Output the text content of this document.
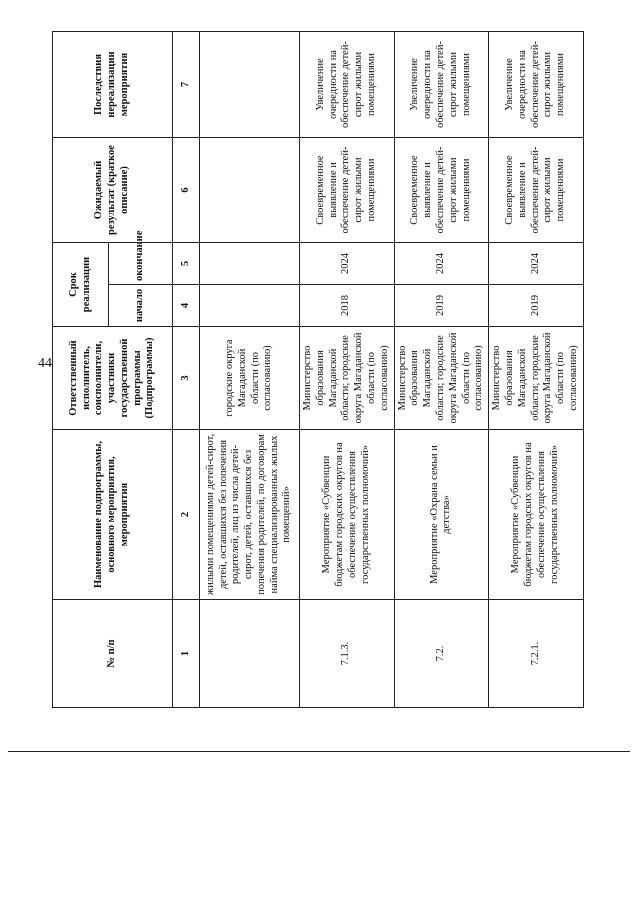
44
№ п/п	Наименование подпрограммы, основного мероприятия, мероприятия	Ответственный исполнитель, соисполнители, участники государственной программы (Подпрограммы)	Срок реализации		Ожидаемый результат (краткое описание)	Последствия нереализации мероприятия
			начало	окончание		
1	2	3	4	5	6	7
	жилыми помещениями детей-сирот, детей, оставшихся без попечения родителей, лиц из числа детей-сирот, детей, оставшихся без попечения родителей, по договорам найма специализированных жилых помещений»	городские округа Магаданской области (по согласованию)				
7.1.3.	Мероприятие «Субвенции бюджетам городских округов на обеспечение осуществления государственных полномочий»	Министерство образования Магаданской области; городские округа Магаданской области (по согласованию)	2018	2024	Своевременное выявление и обеспечение детей-сирот жилыми помещениями	Увеличение очередности на обеспечение детей-сирот жилыми помещениями
7.2.	Мероприятие «Охрана семьи и детства»	Министерство образования Магаданской области; городские округа Магаданской области (по согласованию)	2019	2024	Своевременное выявление и обеспечение детей-сирот жилыми помещениями	Увеличение очередности на обеспечение детей-сирот жилыми помещениями
7.2.1.	Мероприятие «Субвенции бюджетам городских округов на обеспечение осуществления государственных полномочий»	Министерство образования Магаданской области; городские округа Магаданской области (по согласованию)	2019	2024	Своевременное выявление и обеспечение детей-сирот жилыми помещениями	Увеличение очередности на обеспечение детей-сирот жилыми помещениями
